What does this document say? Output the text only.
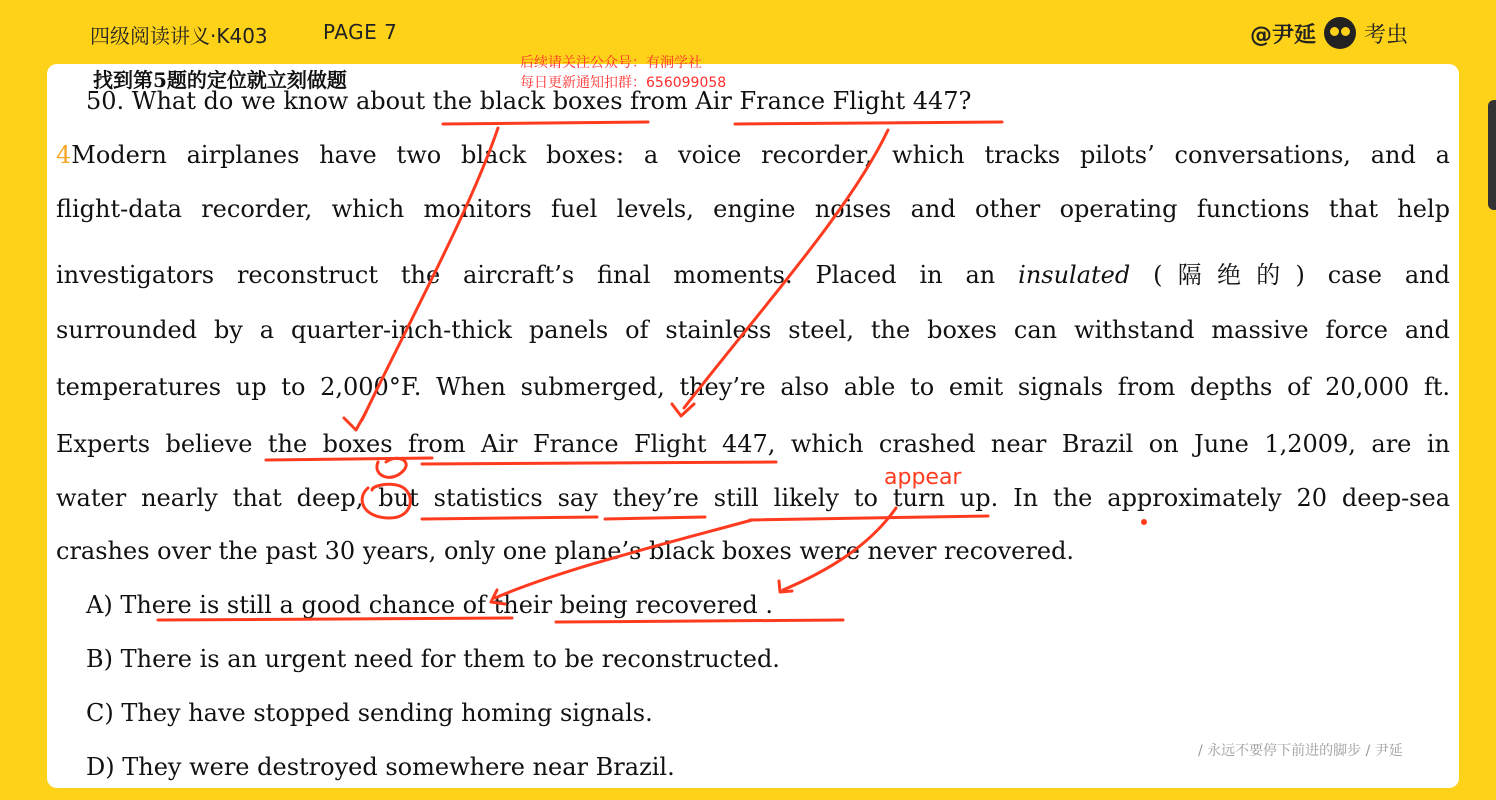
四级阅读讲义·K403	PAGE 7	@尹延 考虫
找到第5题的定位就立刻做题
后续请关注公众号：有涧学社
每日更新通知扣群：656099058
50. What do we know about the black boxes from Air France Flight 447?
4Modern airplanes have two black boxes: a voice recorder, which tracks pilots’ conversations, and a
flight-data recorder, which monitors fuel levels, engine noises and other operating functions that help
investigators reconstruct the aircraft’s final moments. Placed in an insulated (隔绝的) case and
surrounded by a quarter-inch-thick panels of stainless steel, the boxes can withstand massive force and
temperatures up to 2,000°F. When submerged, they’re also able to emit signals from depths of 20,000 ft.
Experts believe the boxes from Air France Flight 447, which crashed near Brazil on June 1,2009, are in
water nearly that deep, but statistics say they’re still likely to turn up. In the approximately 20 deep-sea
crashes over the past 30 years, only one plane’s black boxes were never recovered.
A) There is still a good chance of their being recovered .
B) There is an urgent need for them to be reconstructed.
C) They have stopped sending homing signals.
D) They were destroyed somewhere near Brazil.
appear
/ 永远不要停下前进的脚步 / 尹延
